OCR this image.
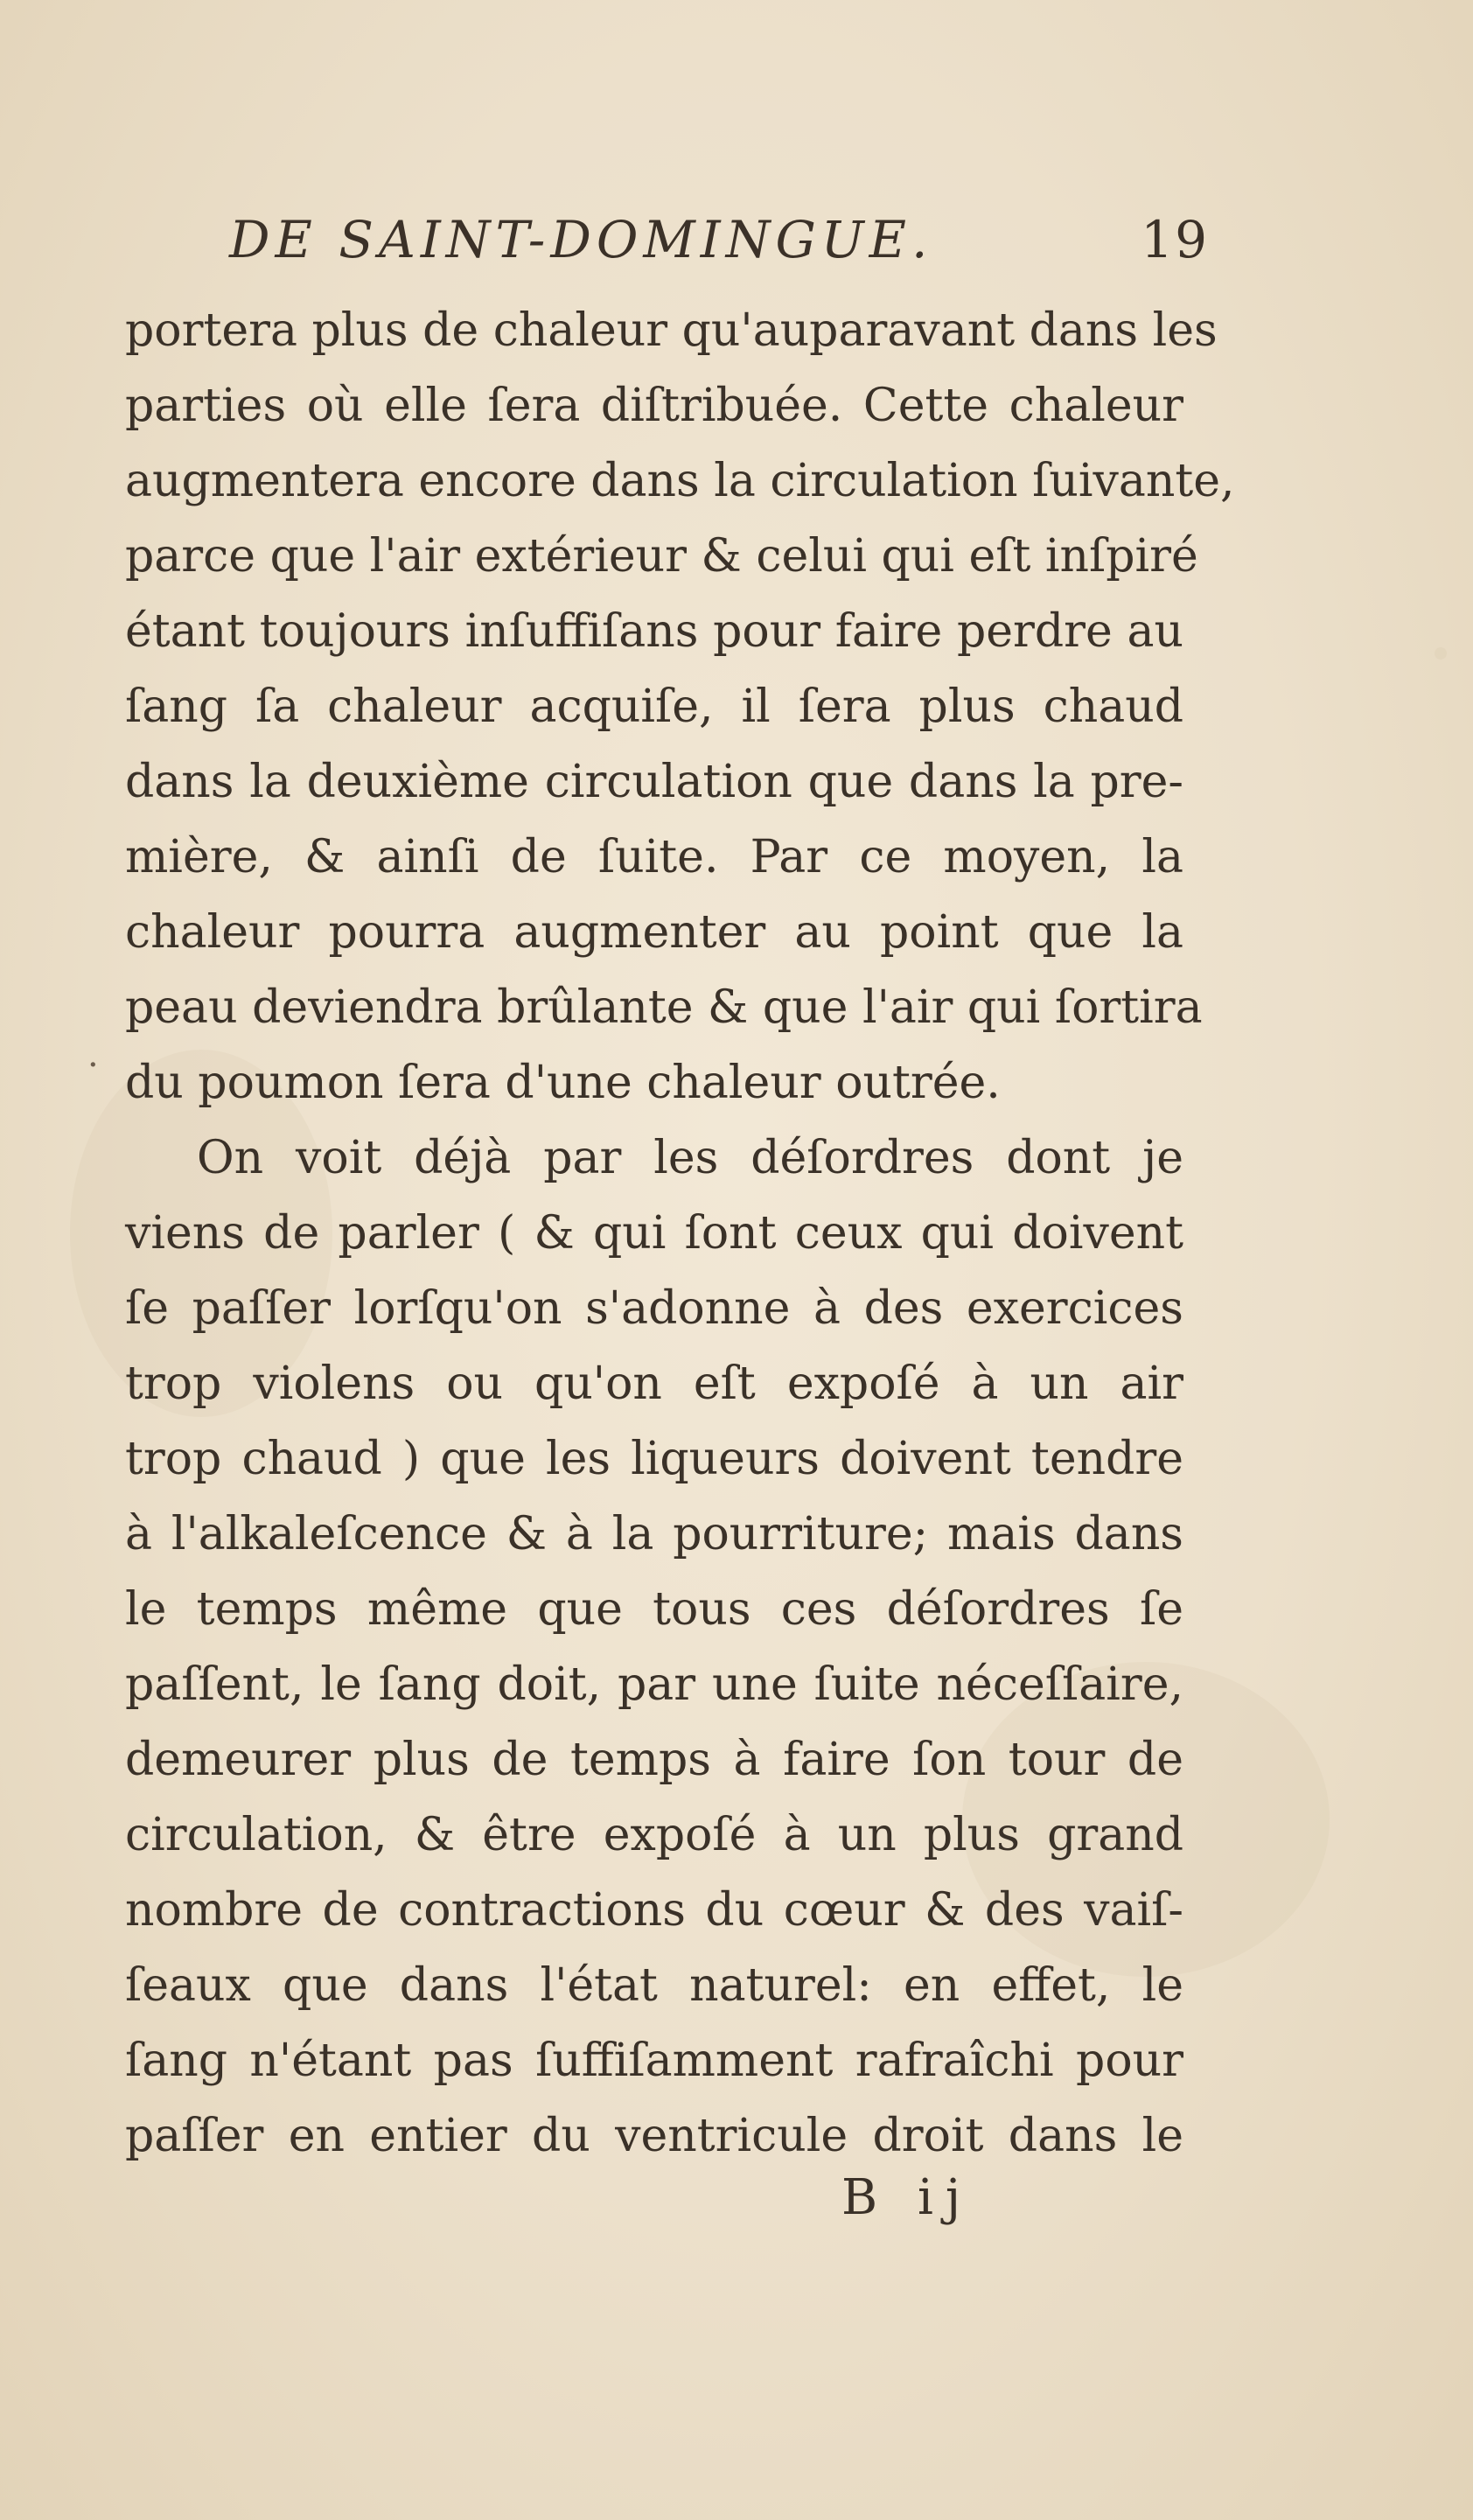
DE SAINT-DOMINGUE.	19
portera plus de chaleur qu'auparavant dans les
parties où elle ſera diſtribuée. Cette chaleur
augmentera encore dans la circulation ſuivante,
parce que l'air extérieur & celui qui eſt inſpiré
étant toujours inſuffiſans pour faire perdre au
ſang ſa chaleur acquiſe, il ſera plus chaud
dans la deuxième circulation que dans la pre-
mière, & ainſi de ſuite. Par ce moyen, la
chaleur pourra augmenter au point que la
peau deviendra brûlante & que l'air qui ſortira
du poumon ſera d'une chaleur outrée.
On voit déjà par les déſordres dont je
viens de parler ( & qui ſont ceux qui doivent
ſe paſſer lorſqu'on s'adonne à des exercices
trop violens ou qu'on eſt expoſé à un air
trop chaud ) que les liqueurs doivent tendre
à l'alkaleſcence & à la pourriture; mais dans
le temps même que tous ces déſordres ſe
paſſent, le ſang doit, par une ſuite néceſſaire,
demeurer plus de temps à faire ſon tour de
circulation, & être expoſé à un plus grand
nombre de contractions du cœur & des vaiſ-
ſeaux que dans l'état naturel: en effet, le
ſang n'étant pas ſuffiſamment rafraîchi pour
paſſer en entier du ventricule droit dans le
B ij
·
